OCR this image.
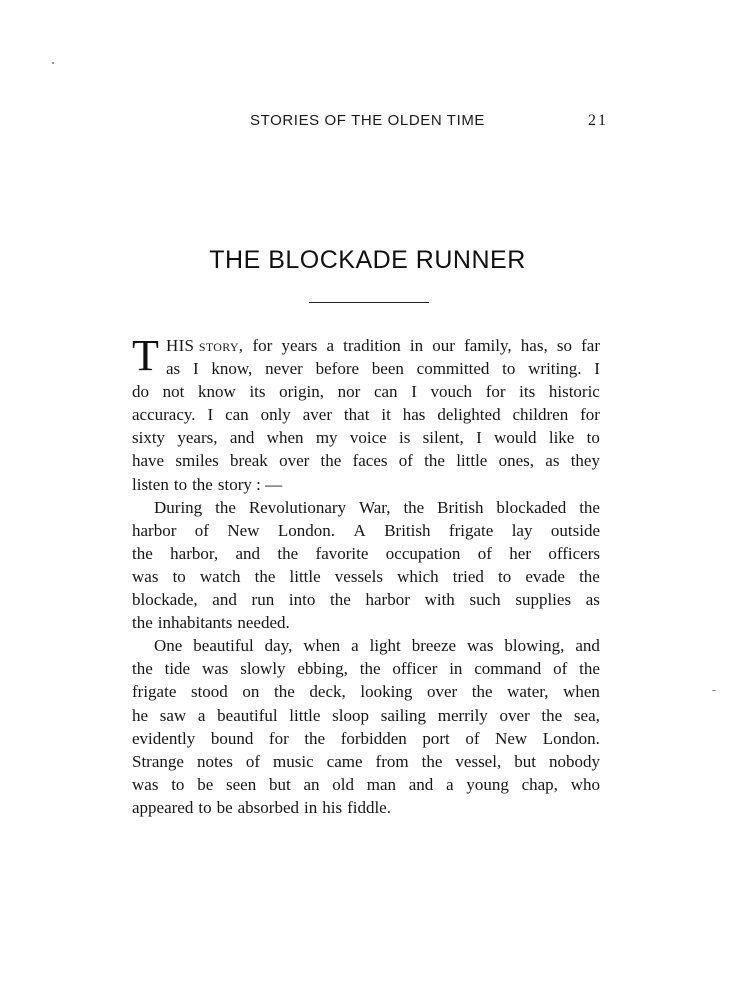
STORIES OF THE OLDEN TIME	21
THE BLOCKADE RUNNER
T HIS story, for years a tradition in our family, has, so far
as I know, never before been committed to writing. I
do not know its origin, nor can I vouch for its historic
accuracy. I can only aver that it has delighted children for
sixty years, and when my voice is silent, I would like to
have smiles break over the faces of the little ones, as they
listen to the story : —
During the Revolutionary War, the British blockaded the
harbor of New London. A British frigate lay outside
the harbor, and the favorite occupation of her officers
was to watch the little vessels which tried to evade the
blockade, and run into the harbor with such supplies as
the inhabitants needed.
One beautiful day, when a light breeze was blowing, and
the tide was slowly ebbing, the officer in command of the
frigate stood on the deck, looking over the water, when
he saw a beautiful little sloop sailing merrily over the sea,
evidently bound for the forbidden port of New London.
Strange notes of music came from the vessel, but nobody
was to be seen but an old man and a young chap, who
appeared to be absorbed in his fiddle.
